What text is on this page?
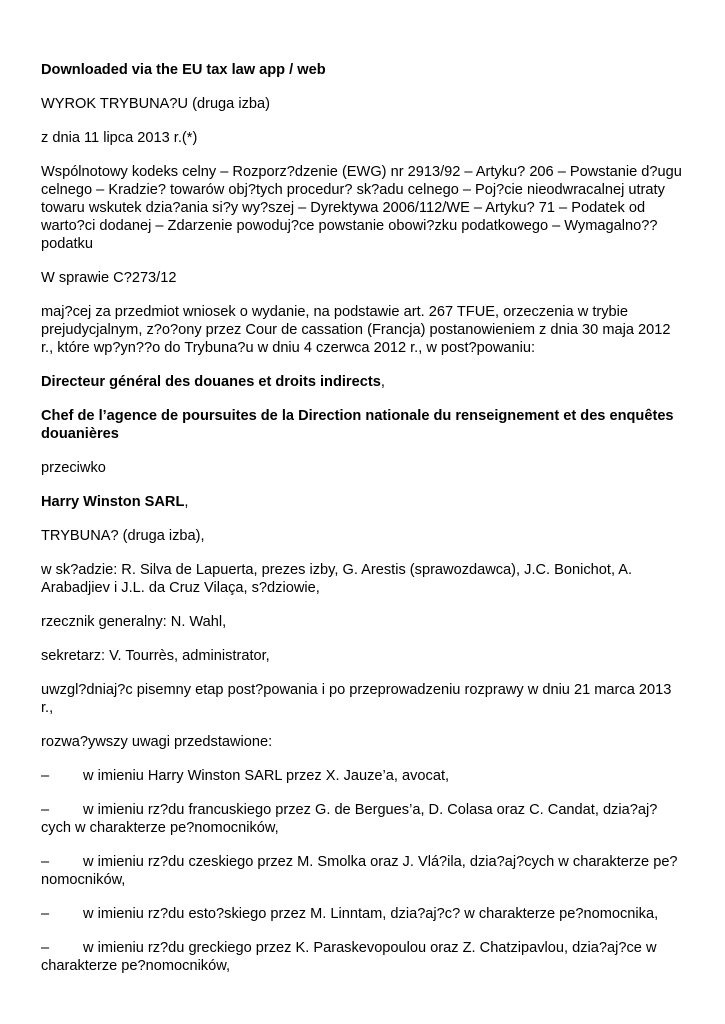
Downloaded via the EU tax law app / web

WYROK TRYBUNA?U (druga izba)

z dnia 11 lipca 2013 r.(*)

Wspólnotowy kodeks celny – Rozporz?dzenie (EWG) nr 2913/92 – Artyku? 206 – Powstanie d?ugu celnego – Kradzie? towarów obj?tych procedur? sk?adu celnego – Poj?cie nieodwracalnej utraty towaru wskutek dzia?ania si?y wy?szej – Dyrektywa 2006/112/WE – Artyku? 71 – Podatek od warto?ci dodanej – Zdarzenie powoduj?ce powstanie obowi?zku podatkowego – Wymagalno?? podatku

W sprawie C?273/12

maj?cej za przedmiot wniosek o wydanie, na podstawie art. 267 TFUE, orzeczenia w trybie prejudycjalnym, z?o?ony przez Cour de cassation (Francja) postanowieniem z dnia 30 maja 2012 r., które wp?yn??o do Trybuna?u w dniu 4 czerwca 2012 r., w post?powaniu:

Directeur général des douanes et droits indirects,

Chef de l’agence de poursuites de la Direction nationale du renseignement et des enquêtes douanières

przeciwko

Harry Winston SARL,

TRYBUNA? (druga izba),

w sk?adzie: R. Silva de Lapuerta, prezes izby, G. Arestis (sprawozdawca), J.C. Bonichot, A. Arabadjiev i J.L. da Cruz Vilaça, s?dziowie,

rzecznik generalny: N. Wahl,

sekretarz: V. Tourrès, administrator,

uwzgl?dniaj?c pisemny etap post?powania i po przeprowadzeniu rozprawy w dniu 21 marca 2013 r.,

rozwa?ywszy uwagi przedstawione:

– w imieniu Harry Winston SARL przez X. Jauze’a, avocat,

– w imieniu rz?du francuskiego przez G. de Bergues’a, D. Colasa oraz C. Candat, dzia?aj?cych w charakterze pe?nomocników,

– w imieniu rz?du czeskiego przez M. Smolka oraz J. Vlá?ila, dzia?aj?cych w charakterze pe?nomocników,

– w imieniu rz?du esto?skiego przez M. Linntam, dzia?aj?c? w charakterze pe?nomocnika,

– w imieniu rz?du greckiego przez K. Paraskevopoulou oraz Z. Chatzipavlou, dzia?aj?ce w charakterze pe?nomocników,
